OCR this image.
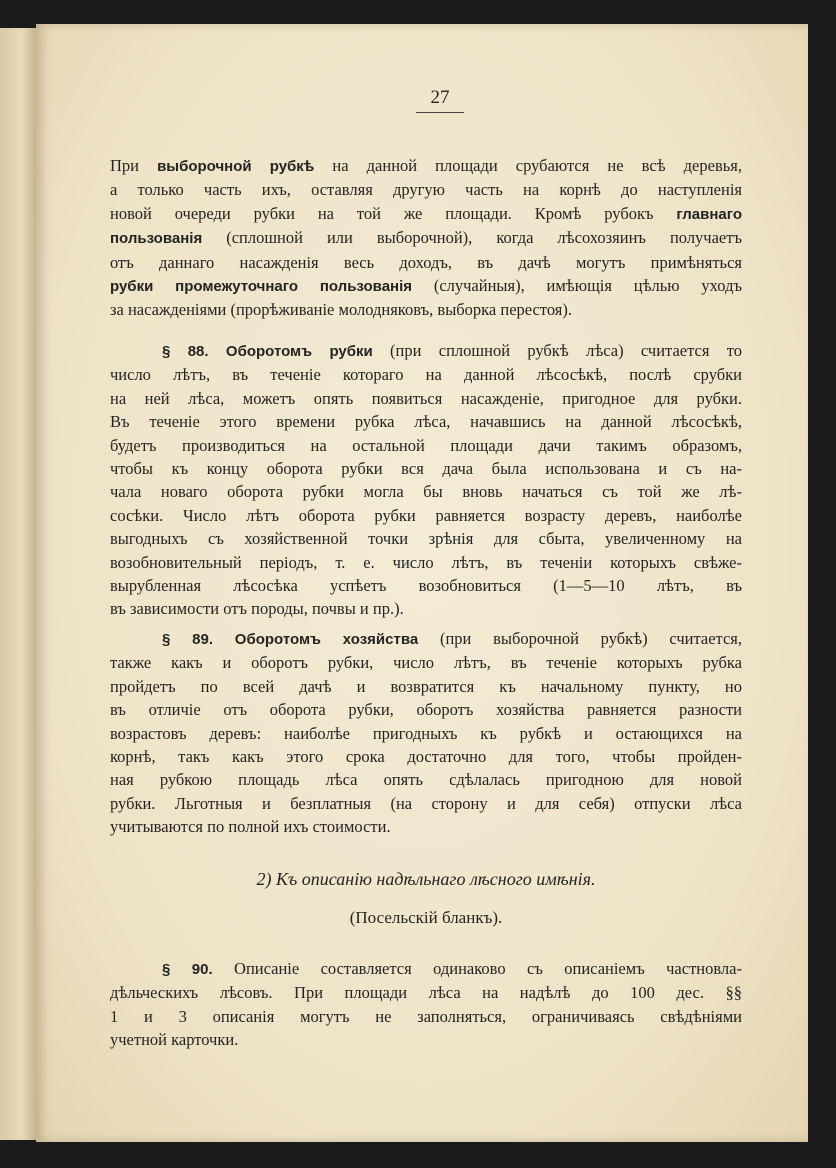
27
При выборочной рубкѣ на данной площади срубаются не всѣ деревья,
а только часть ихъ, оставляя другую часть на корнѣ до наступленія
новой очереди рубки на той же площади. Кромѣ рубокъ главнаго
пользованія (сплошной или выборочной), когда лѣсохозяинъ получаетъ
отъ даннаго насажденія весь доходъ, въ дачѣ могутъ примѣняться
рубки промежуточнаго пользованія (случайныя), имѣющія цѣлью уходъ
за насажденіями (прорѣживаніе молодняковъ, выборка перестоя).
§ 88. Оборотомъ рубки (при сплошной рубкѣ лѣса) считается то
число лѣтъ, въ теченіе котораго на данной лѣсосѣкѣ, послѣ срубки
на ней лѣса, можетъ опять появиться насажденіе, пригодное для рубки.
Въ теченіе этого времени рубка лѣса, начавшись на данной лѣсосѣкѣ,
будетъ производиться на остальной площади дачи такимъ образомъ,
чтобы къ концу оборота рубки вся дача была использована и съ на-
чала новаго оборота рубки могла бы вновь начаться съ той же лѣ-
сосѣки. Число лѣтъ оборота рубки равняется возрасту деревъ, наиболѣе
выгодныхъ съ хозяйственной точки зрѣнія для сбыта, увеличенному на
возобновительный періодъ, т. е. число лѣтъ, въ теченіи которыхъ свѣже-
вырубленная лѣсосѣка успѣетъ возобновиться (1—5—10 лѣтъ, въ
въ зависимости отъ породы, почвы и пр.).
§ 89. Оборотомъ хозяйства (при выборочной рубкѣ) считается,
также какъ и оборотъ рубки, число лѣтъ, въ теченіе которыхъ рубка
пройдетъ по всей дачѣ и возвратится къ начальному пункту, но
въ отличіе отъ оборота рубки, оборотъ хозяйства равняется разности
возрастовъ деревъ: наиболѣе пригодныхъ къ рубкѣ и остающихся на
корнѣ, такъ какъ этого срока достаточно для того, чтобы пройден-
ная рубкою площадь лѣса опять сдѣлалась пригодною для новой
рубки. Льготныя и безплатныя (на сторону и для себя) отпуски лѣса
учитываются по полной ихъ стоимости.
2) Къ описанію надѣльнаго лѣсного имѣнія.
(Посельскій бланкъ).
§ 90. Описаніе составляется одинаково съ описаніемъ частновла-
дѣльческихъ лѣсовъ. При площади лѣса на надѣлѣ до 100 дес. §§
1 и 3 описанія могутъ не заполняться, ограничиваясь свѣдѣніями
учетной карточки.
